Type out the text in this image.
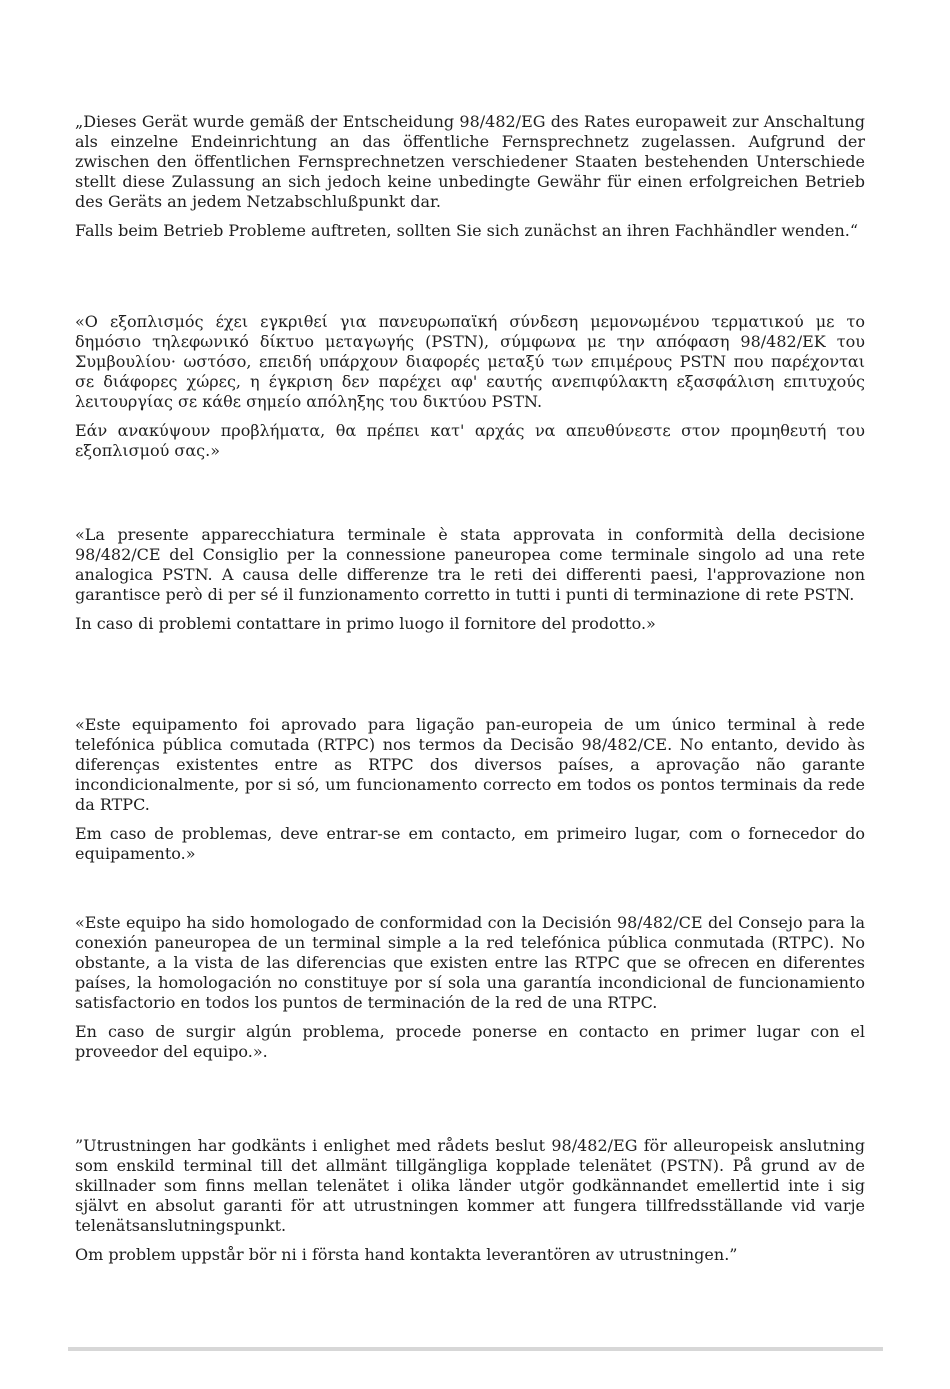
„Dieses Gerät wurde gemäß der Entscheidung 98/482/EG des Rates europaweit zur Anschaltung als einzelne Endeinrichtung an das öffentliche Fernsprechnetz zugelassen. Aufgrund der zwischen den öffentlichen Fernsprechnetzen verschiedener Staaten bestehenden Unterschiede stellt diese Zulassung an sich jedoch keine unbedingte Gewähr für einen erfolgreichen Betrieb des Geräts an jedem Netzabschlußpunkt dar.

Falls beim Betrieb Probleme auftreten, sollten Sie sich zunächst an ihren Fachhändler wenden.“

«Ο εξοπλισμός έχει εγκριθεί για πανευρωπαϊκή σύνδεση μεμονωμένου τερματικού με το δημόσιο τηλεφωνικό δίκτυο μεταγωγής (PSTN), σύμφωνα με την απόφαση 98/482/ΕΚ του Συμβουλίου· ωστόσο, επειδή υπάρχουν διαφορές μεταξύ των επιμέρους PSTN που παρέχονται σε διάφορες χώρες, η έγκριση δεν παρέχει αφ' εαυτής ανεπιφύλακτη εξασφάλιση επιτυχούς λειτουργίας σε κάθε σημείο απόληξης του δικτύου PSTN.

Εάν ανακύψουν προβλήματα, θα πρέπει κατ' αρχάς να απευθύνεστε στον προμηθευτή του εξοπλισμού σας.»

«La presente apparecchiatura terminale è stata approvata in conformità della decisione 98/482/CE del Consiglio per la connessione paneuropea come terminale singolo ad una rete analogica PSTN. A causa delle differenze tra le reti dei differenti paesi, l'approvazione non garantisce però di per sé il funzionamento corretto in tutti i punti di terminazione di rete PSTN.

In caso di problemi contattare in primo luogo il fornitore del prodotto.»

«Este equipamento foi aprovado para ligação pan-europeia de um único terminal à rede telefónica pública comutada (RTPC) nos termos da Decisão 98/482/CE. No entanto, devido às diferenças existentes entre as RTPC dos diversos países, a aprovação não garante incondicionalmente, por si só, um funcionamento correcto em todos os pontos terminais da rede da RTPC.

Em caso de problemas, deve entrar-se em contacto, em primeiro lugar, com o fornecedor do equipamento.»

«Este equipo ha sido homologado de conformidad con la Decisión 98/482/CE del Consejo para la conexión paneuropea de un terminal simple a la red telefónica pública conmutada (RTPC). No obstante, a la vista de las diferencias que existen entre las RTPC que se ofrecen en diferentes países, la homologación no constituye por sí sola una garantía incondicional de funcionamiento satisfactorio en todos los puntos de terminación de la red de una RTPC.

En caso de surgir algún problema, procede ponerse en contacto en primer lugar con el proveedor del equipo.».

”Utrustningen har godkänts i enlighet med rådets beslut 98/482/EG för alleuropeisk anslutning som enskild terminal till det allmänt tillgängliga kopplade telenätet (PSTN). På grund av de skillnader som finns mellan telenätet i olika länder utgör godkännandet emellertid inte i sig självt en absolut garanti för att utrustningen kommer att fungera tillfredsställande vid varje telenätsanslutningspunkt.

Om problem uppstår bör ni i första hand kontakta leverantören av utrustningen.”
